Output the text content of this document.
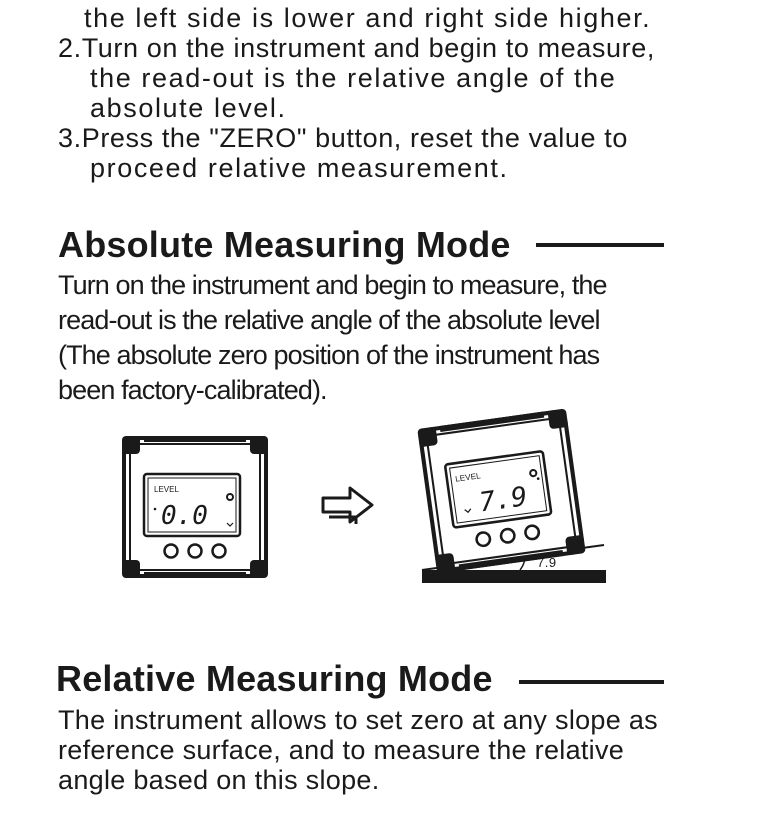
the left side is lower and right side higher.
2.Turn on the instrument and begin to measure,
the read-out is the relative angle of the
absolute level.
3.Press the "ZERO" button, reset the value to
proceed relative measurement.
Absolute Measuring Mode
Turn on the instrument and begin to measure, the
read-out is the relative angle of the absolute level
(The absolute zero position of the instrument has
been factory-calibrated).
LEVEL
0.0
7.9
LEVEL
7.9
Relative Measuring Mode
The instrument allows to set zero at any slope as
reference surface, and to measure the relative
angle based on this slope.
